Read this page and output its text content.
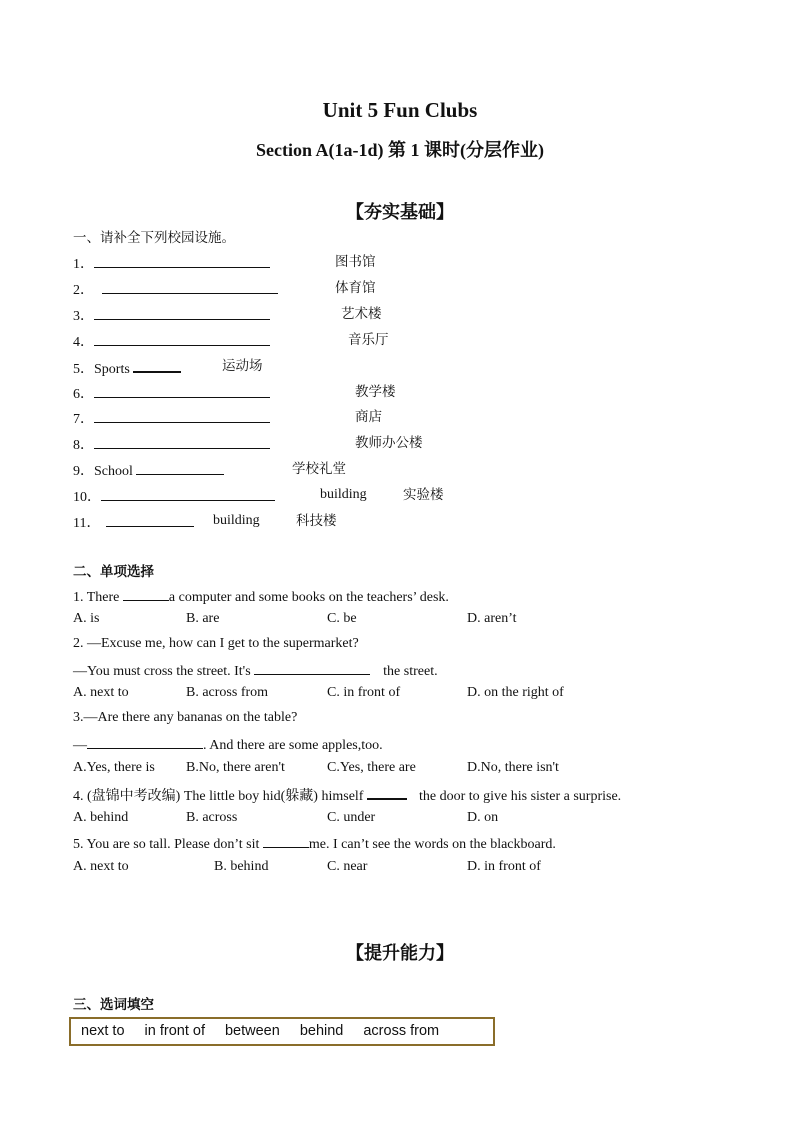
Unit 5 Fun Clubs
Section A(1a-1d) 第 1 课时(分层作业)
【夯实基础】
一、请补全下列校园设施。
1．	图书馆
2．	体育馆
3．	艺术楼
4．	音乐厅
5．Sports	运动场
6．	教学楼
7．	商店
8．	教师办公楼
9．School	学校礼堂
10．	building	实验楼
11．	building	科技楼
二、单项选择
1. There	a computer and some books on the teachers’ desk.
A. is	B. are	C. be	D. aren’t
2. —Excuse me, how can I get to the supermarket?
—You must cross the street. It's	the street.
A. next to	B. across from	C. in front of	D. on the right of
3.—Are there any bananas on the table?
—	. And there are some apples,too.
A.Yes, there is B.No, there aren't	C.Yes, there are	D.No, there isn't
4. (盘锦中考改编) The little boy hid(躲藏) himself	the door to give his sister a surprise.
A. behind	B. across	C. under	D. on
5. You are so tall. Please don’t sit	me. I can’t see the words on the blackboard.
A. next to	B. behind	C. near	D. in front of
【提升能力】
三、选词填空
next to in front of between behind across from
